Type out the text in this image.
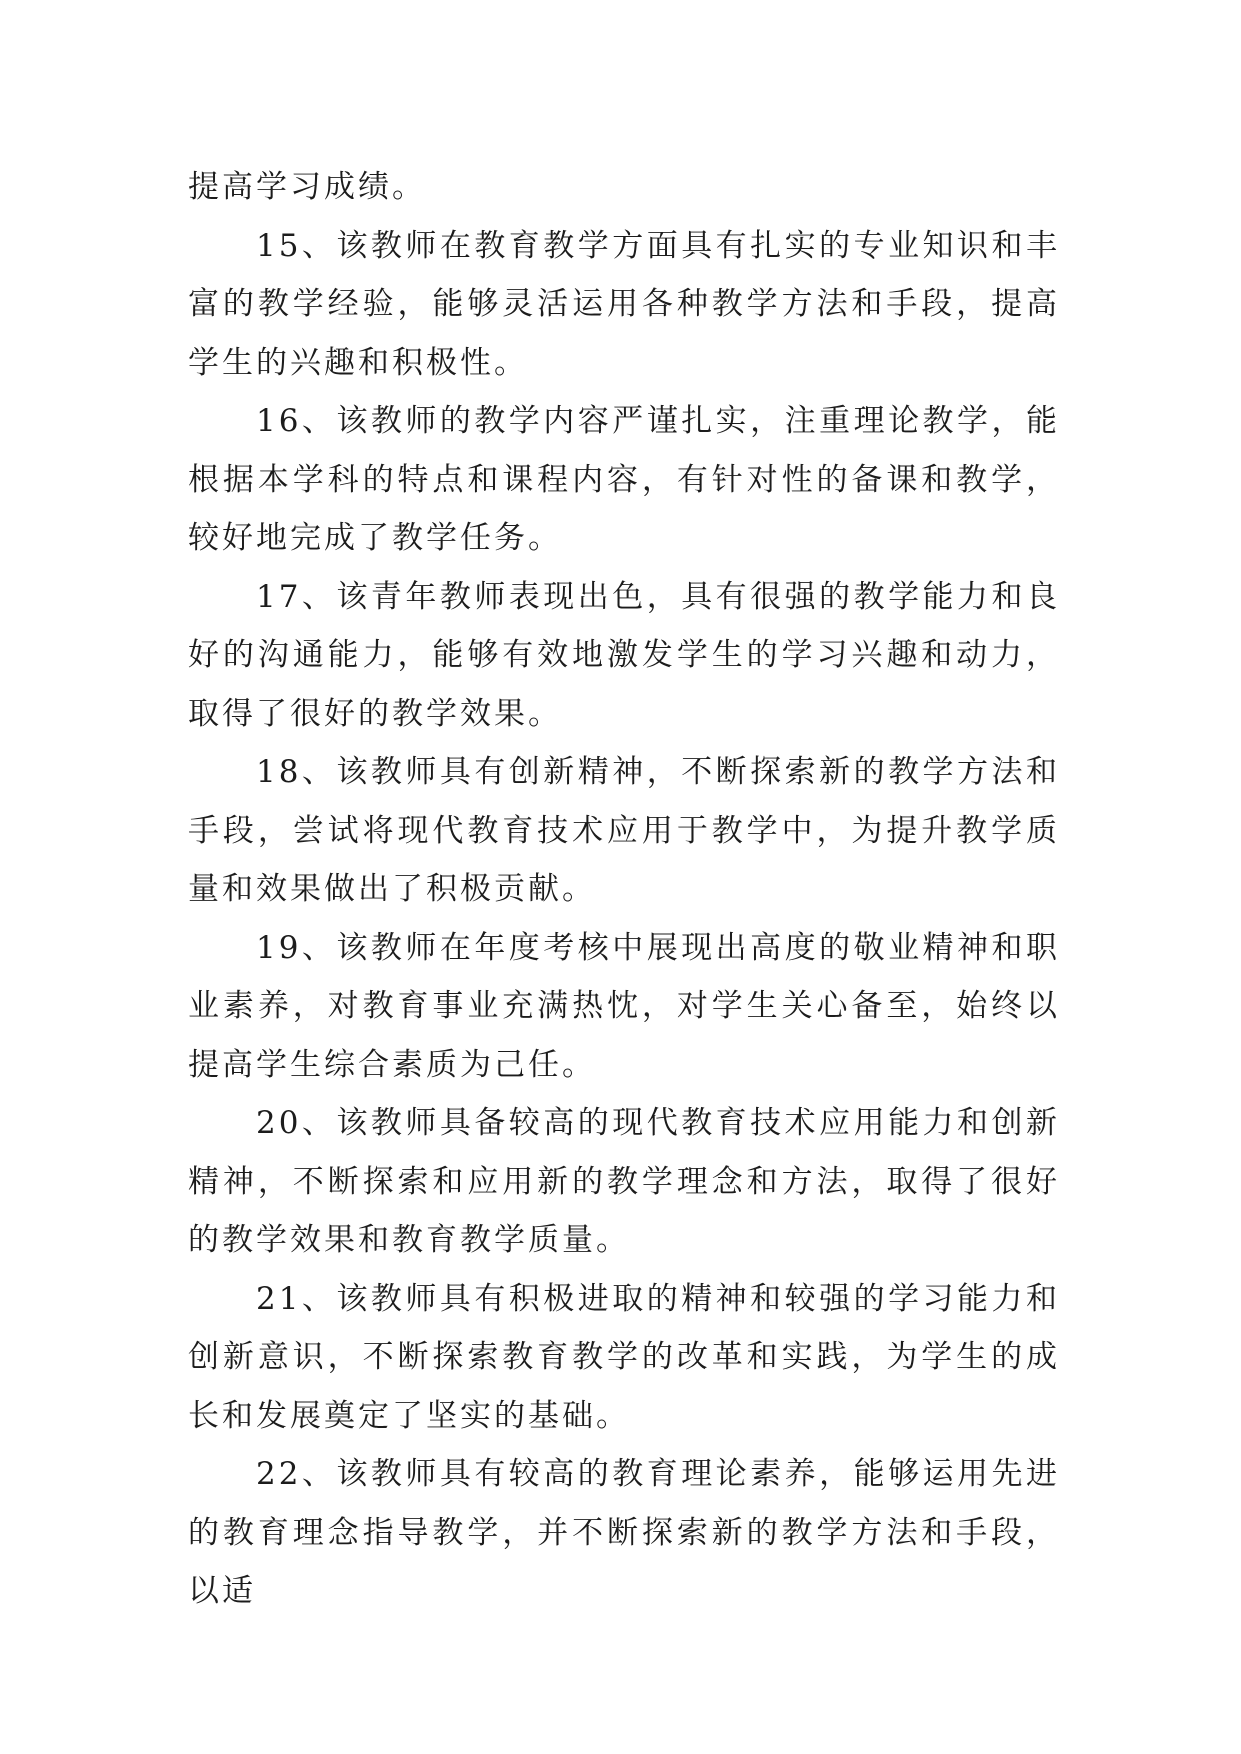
提高学习成绩。

15、该教师在教育教学方面具有扎实的专业知识和丰富的教学经验，能够灵活运用各种教学方法和手段，提高学生的兴趣和积极性。

16、该教师的教学内容严谨扎实，注重理论教学，能根据本学科的特点和课程内容，有针对性的备课和教学，较好地完成了教学任务。

17、该青年教师表现出色，具有很强的教学能力和良好的沟通能力，能够有效地激发学生的学习兴趣和动力，取得了很好的教学效果。

18、该教师具有创新精神，不断探索新的教学方法和手段，尝试将现代教育技术应用于教学中，为提升教学质量和效果做出了积极贡献。

19、该教师在年度考核中展现出高度的敬业精神和职业素养，对教育事业充满热忱，对学生关心备至，始终以提高学生综合素质为己任。

20、该教师具备较高的现代教育技术应用能力和创新精神，不断探索和应用新的教学理念和方法，取得了很好的教学效果和教育教学质量。

21、该教师具有积极进取的精神和较强的学习能力和创新意识，不断探索教育教学的改革和实践，为学生的成长和发展奠定了坚实的基础。

22、该教师具有较高的教育理论素养，能够运用先进的教育理念指导教学，并不断探索新的教学方法和手段，以适
